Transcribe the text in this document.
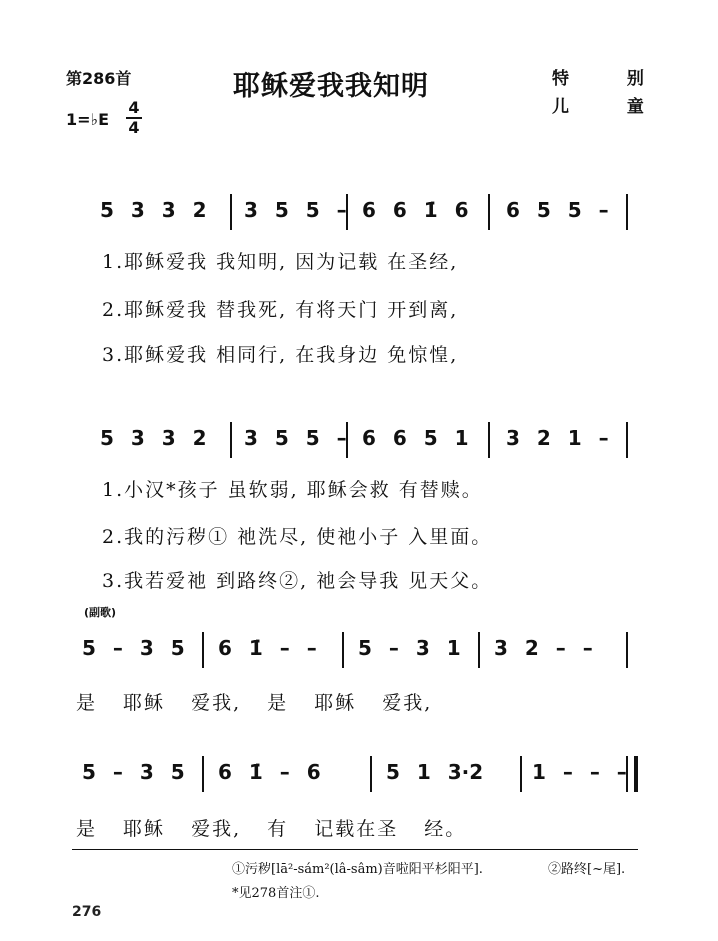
第286首	耶稣爱我我知明	特 别
儿 童
1=♭E
4
4
5 3 3 2 3 5 5 – 6 6 1̇ 6 6 5 5 –
1.耶稣爱我 我知明, 因为记载 在圣经,
2.耶稣爱我 替我死, 有将天门 开到离,
3.耶稣爱我 相同行, 在我身边 免惊惶,
5 3 3 2 3 5 5 – 6 6 5 1 3 2 1 –
1.小汉*孩子 虽软弱, 耶稣会救 有替赎。
2.我的污秽① 祂洗尽, 使祂小子 入里面。
3.我若爱祂 到路终②, 祂会导我 见天父。
(副歌)
5 – 3 5 6 1̇ – – 5 – 3 1 3 2 – –
是 耶稣 爱我, 是 耶稣 爱我,
5 – 3 5 6 1̇ – 6	5 1 3·2 1 – – –
是 耶稣 爱我, 有 记载在圣 经。
①污秽[lā²-sám²(lâ-sâm)音啦阳平杉阳平].	②路终[~尾].
*见278首注①.
276
